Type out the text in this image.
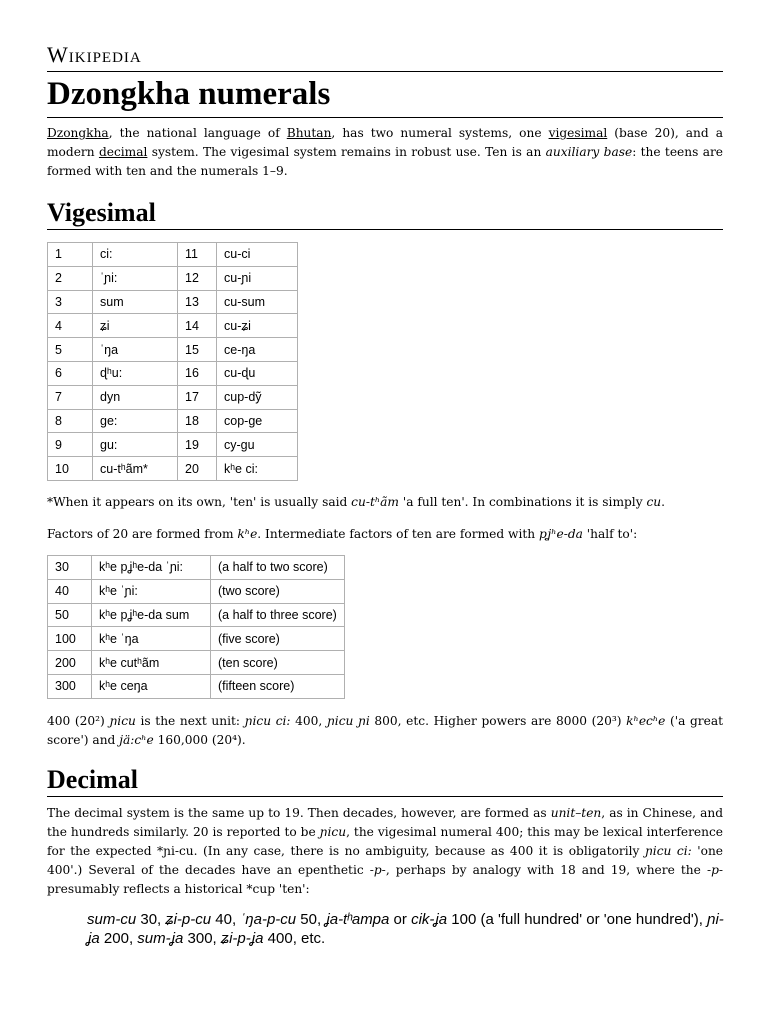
Wikipedia
Dzongkha numerals

Dzongkha, the national language of Bhutan, has two numeral systems, one vigesimal (base 20), and a modern decimal system. The vigesimal system remains in robust use. Ten is an auxiliary base: the teens are formed with ten and the numerals 1–9.

Vigesimal
1	ci:	11	cu-ci
2	ˈɲi:	12	cu-ɲi
3	sum	13	cu-sum
4	ʑi	14	cu-ʑi
5	ˈŋa	15	ce-ŋa
6	ɖʰu:	16	cu-ɖu
7	dyn	17	cup-dỹ
8	ge:	18	cop-ge
9	gu:	19	cy-gu
10	cu-tʰãm*	20	kʰe ci:

*When it appears on its own, 'ten' is usually said cu-tʰãm 'a full ten'. In combinations it is simply cu.

Factors of 20 are formed from kʰe. Intermediate factors of ten are formed with pʝʰe-da 'half to':

30	kʰe pʝʰe-da ˈɲi:	(a half to two score)
40	kʰe ˈɲi:	(two score)
50	kʰe pʝʰe-da sum	(a half to three score)
100	kʰe ˈŋa	(five score)
200	kʰe cutʰãm	(ten score)
300	kʰe ceŋa	(fifteen score)

400 (20²) ɲicu is the next unit: ɲicu ci: 400, ɲicu ɲi 800, etc. Higher powers are 8000 (20³) kʰecʰe ('a great score') and jä:cʰe 160,000 (20⁴).

Decimal

The decimal system is the same up to 19. Then decades, however, are formed as unit–ten, as in Chinese, and the hundreds similarly. 20 is reported to be ɲicu, the vigesimal numeral 400; this may be lexical interference for the expected *ɲi-cu. (In any case, there is no ambiguity, because as 400 it is obligatorily ɲicu ci: 'one 400'.) Several of the decades have an epenthetic -p-, perhaps by analogy with 18 and 19, where the -p- presumably reflects a historical *cup 'ten':

sum-cu 30, ʑi-p-cu 40, ˈŋa-p-cu 50, ʝa-tʰampa or cik-ʝa 100 (a 'full hundred' or 'one hundred'), ɲi-ʝa 200, sum-ʝa 300, ʑi-p-ʝa 400, etc.
